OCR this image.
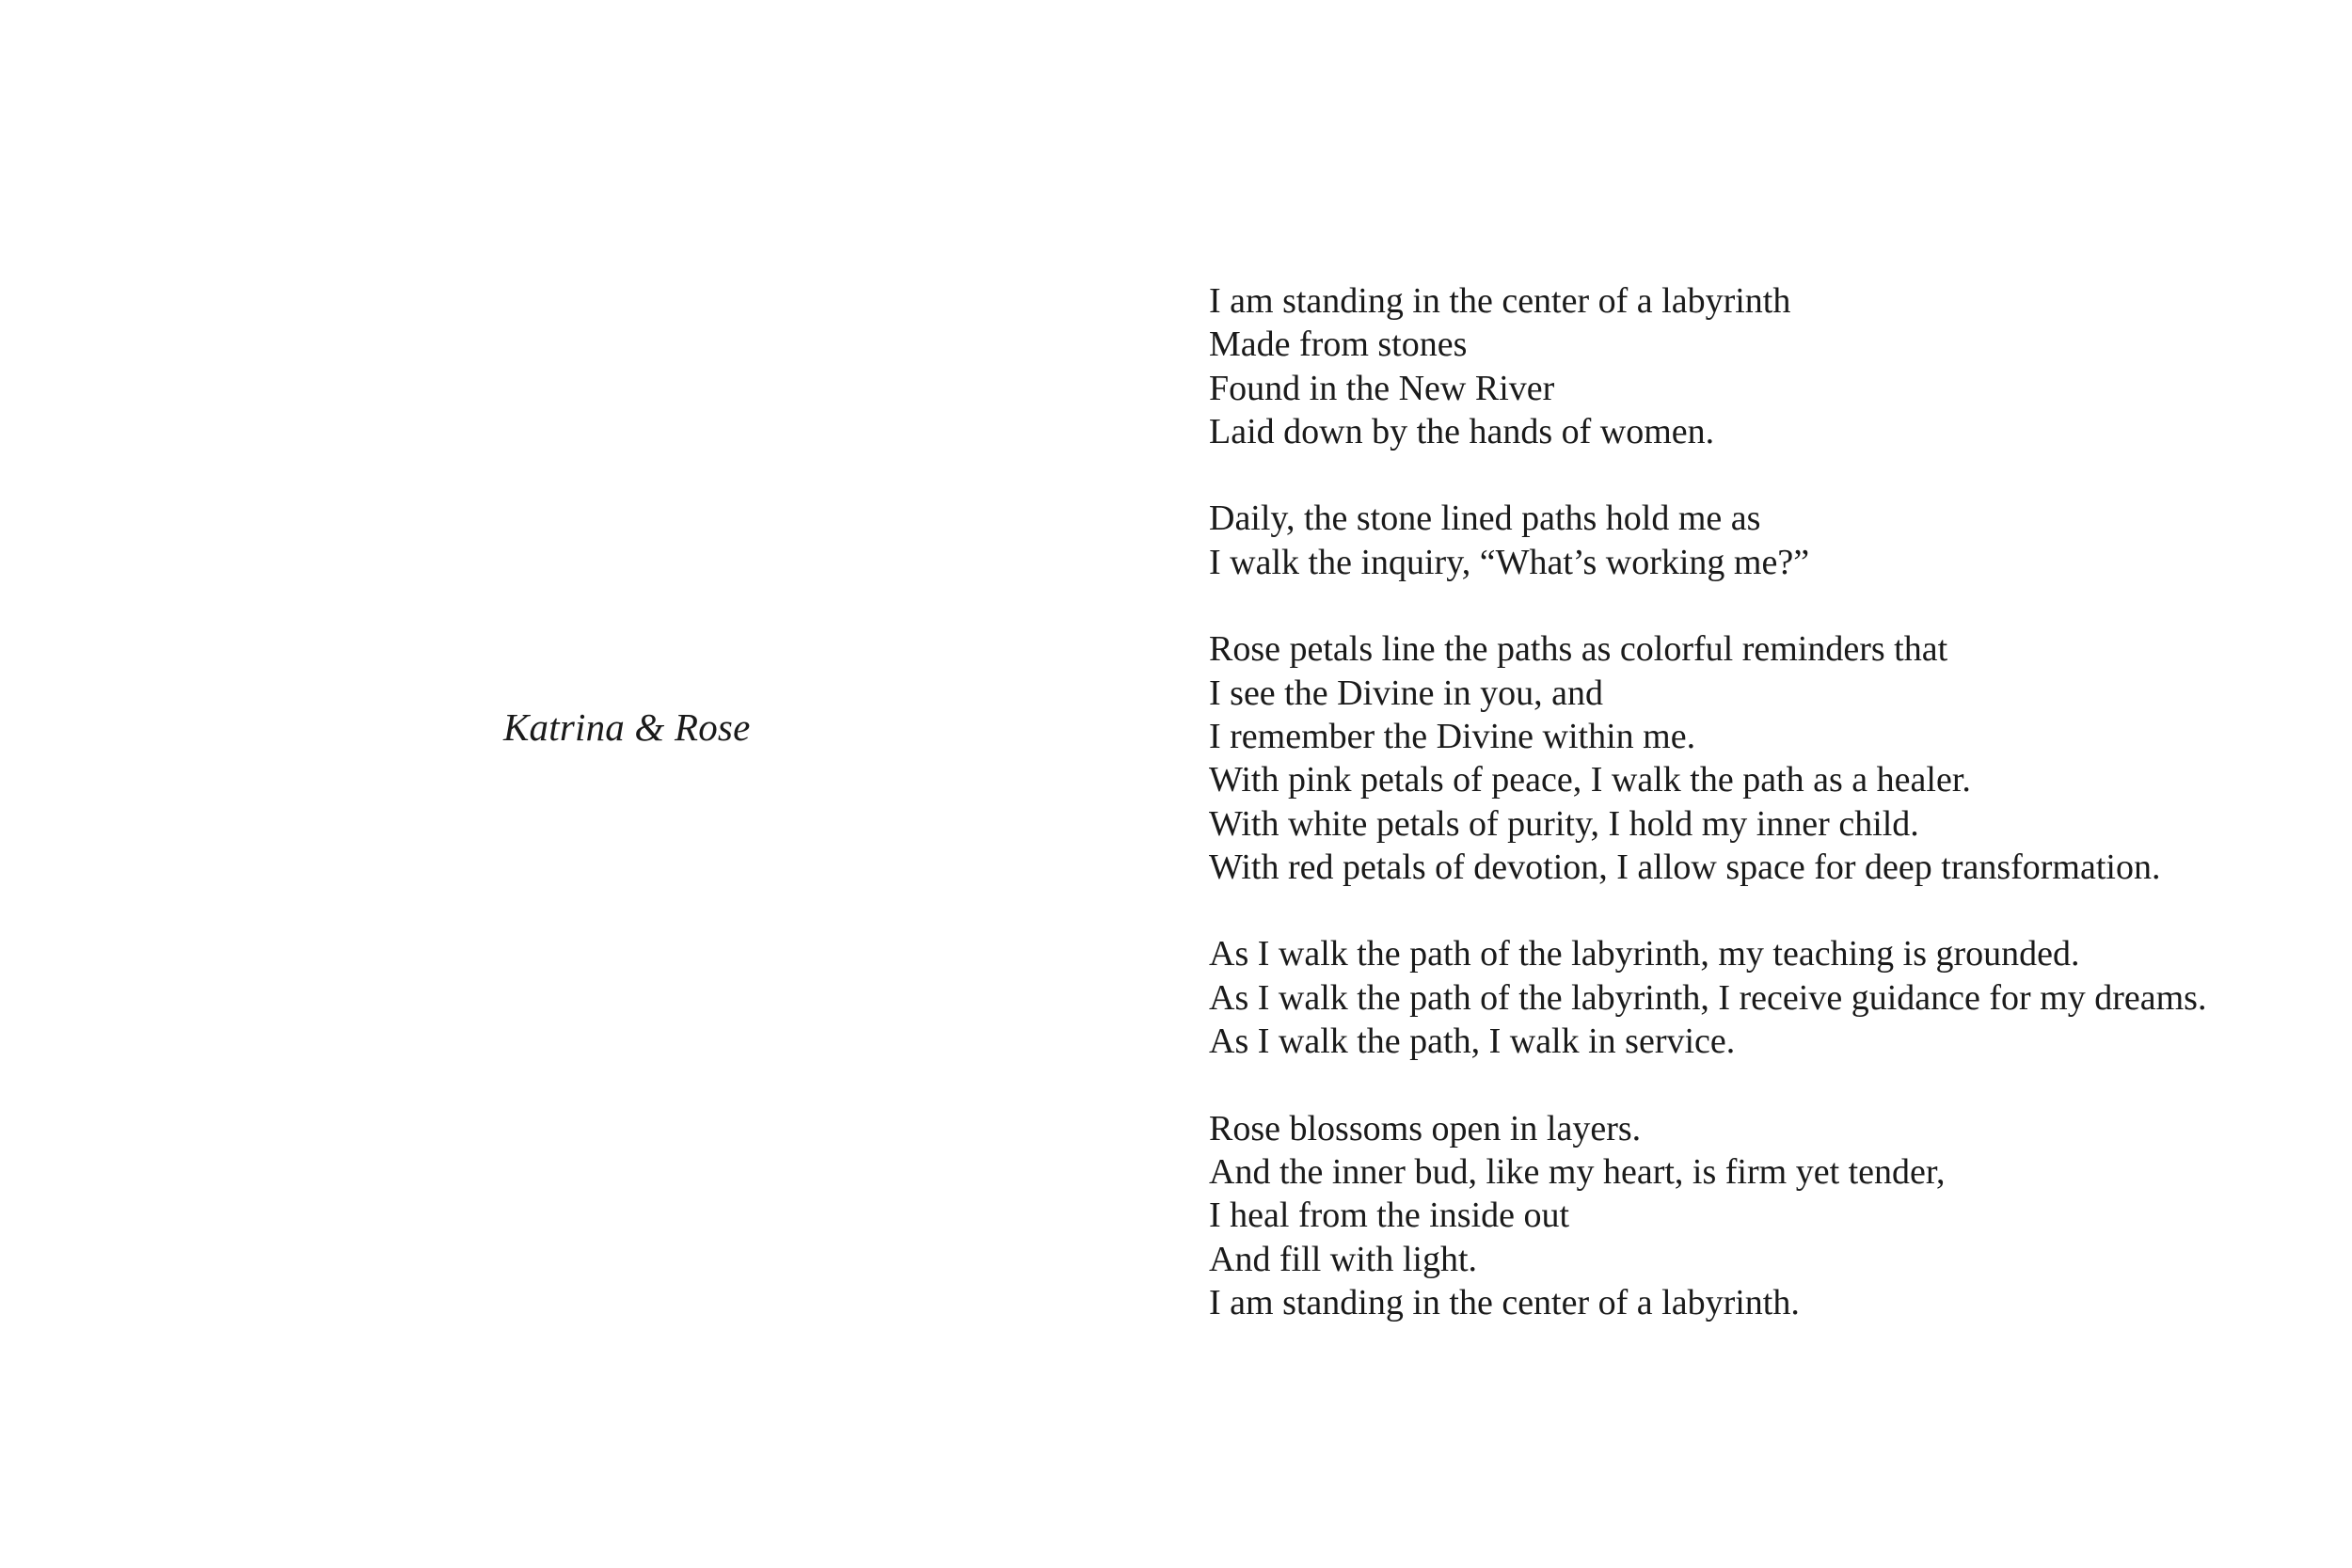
Katrina & Rose
I am standing in the center of a labyrinth
Made from stones
Found in the New River
Laid down by the hands of women.
Daily, the stone lined paths hold me as
I walk the inquiry, “What’s working me?”
Rose petals line the paths as colorful reminders that
I see the Divine in you, and
I remember the Divine within me.
With pink petals of peace, I walk the path as a healer.
With white petals of purity, I hold my inner child.
With red petals of devotion, I allow space for deep transformation.
As I walk the path of the labyrinth, my teaching is grounded.
As I walk the path of the labyrinth, I receive guidance for my dreams.
As I walk the path, I walk in service.
Rose blossoms open in layers.
And the inner bud, like my heart, is firm yet tender,
I heal from the inside out
And fill with light.
I am standing in the center of a labyrinth.
